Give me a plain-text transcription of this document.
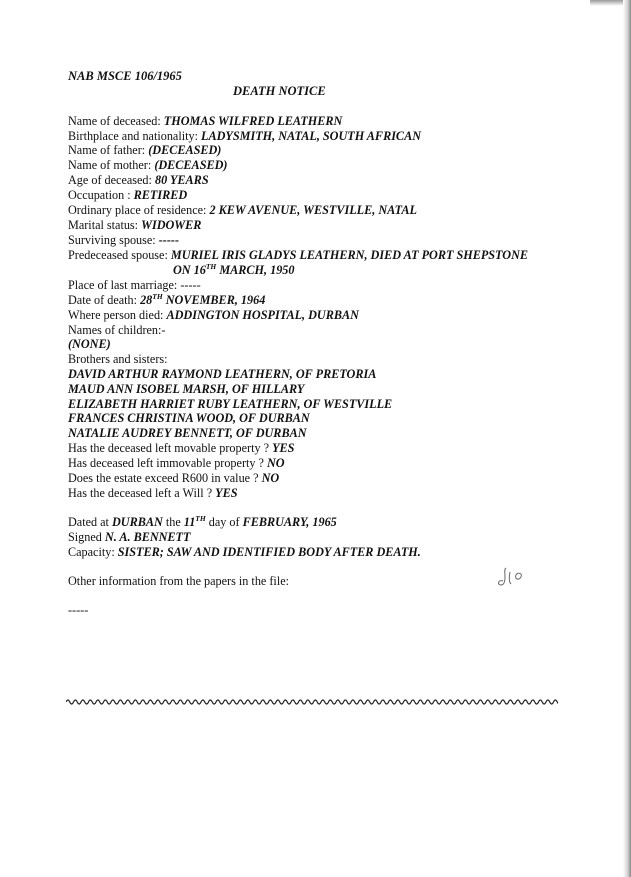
NAB MSCE 106/1965
DEATH NOTICE
Name of deceased: THOMAS WILFRED LEATHERN
Birthplace and nationality: LADYSMITH, NATAL, SOUTH AFRICAN
Name of father: (DECEASED)
Name of mother: (DECEASED)
Age of deceased: 80 YEARS
Occupation : RETIRED
Ordinary place of residence: 2 KEW AVENUE, WESTVILLE, NATAL
Marital status: WIDOWER
Surviving spouse: -----
Predeceased spouse: MURIEL IRIS GLADYS LEATHERN, DIED AT PORT SHEPSTONE
ON 16TH MARCH, 1950
Place of last marriage: -----
Date of death: 28TH NOVEMBER, 1964
Where person died: ADDINGTON HOSPITAL, DURBAN
Names of children:-
(NONE)
Brothers and sisters:
DAVID ARTHUR RAYMOND LEATHERN, OF PRETORIA
MAUD ANN ISOBEL MARSH, OF HILLARY
ELIZABETH HARRIET RUBY LEATHERN, OF WESTVILLE
FRANCES CHRISTINA WOOD, OF DURBAN
NATALIE AUDREY BENNETT, OF DURBAN
Has the deceased left movable property ? YES
Has deceased left immovable property ? NO
Does the estate exceed R600 in value ? NO
Has the deceased left a Will ? YES
Dated at DURBAN the 11TH day of FEBRUARY, 1965
Signed N. A. BENNETT
Capacity: SISTER; SAW AND IDENTIFIED BODY AFTER DEATH.
Other information from the papers in the file:
-----
